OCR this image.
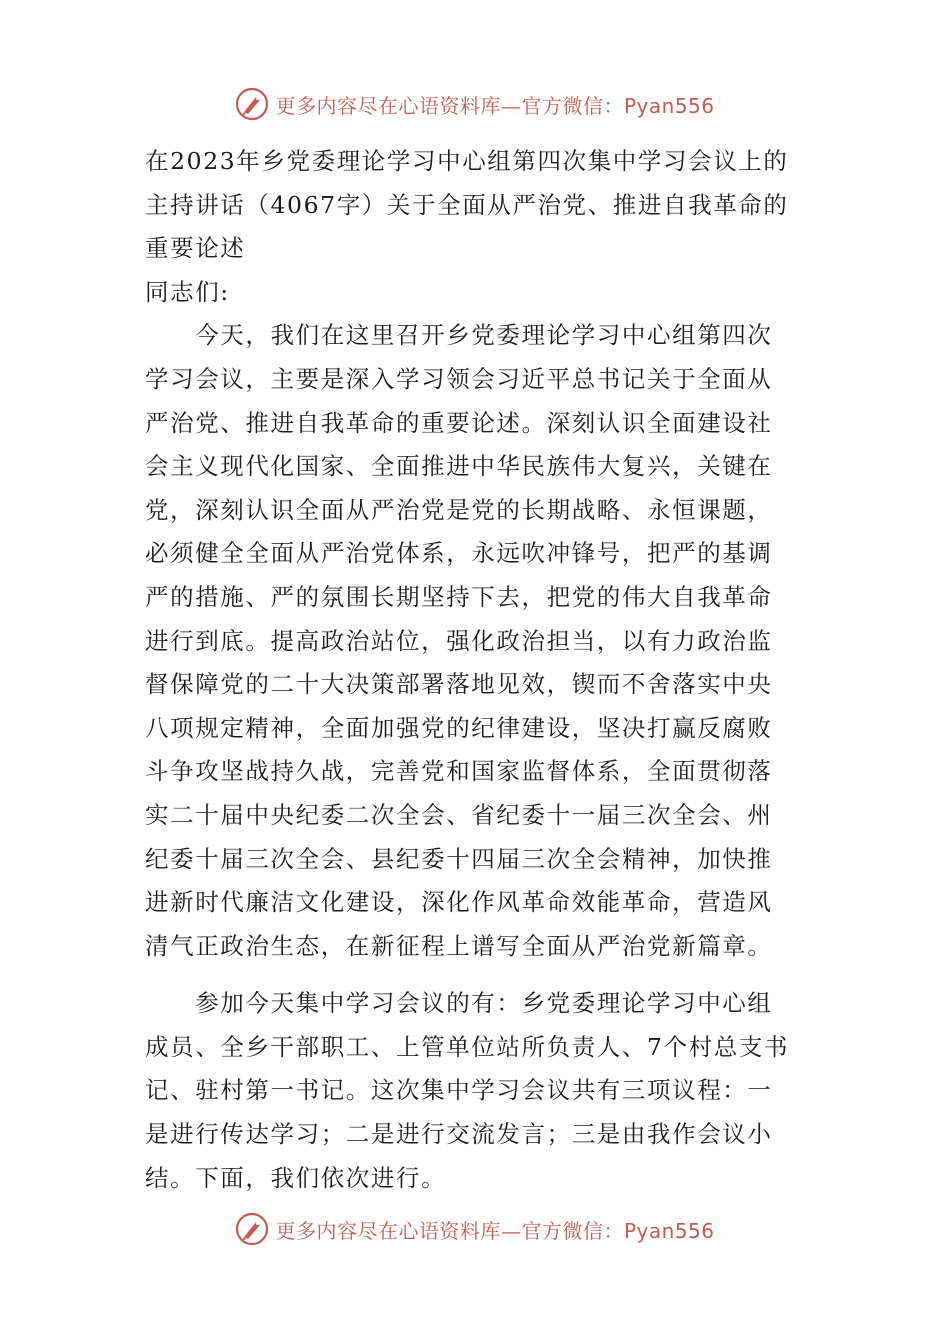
更多内容尽在心语资料库—官方微信：Pyan556
在2023年乡党委理论学习中心组第四次集中学习会议上的
主持讲话（4067字）关于全面从严治党、推进自我革命的
重要论述
同志们:
　　今天，我们在这里召开乡党委理论学习中心组第四次
学习会议，主要是深入学习领会习近平总书记关于全面从
严治党、推进自我革命的重要论述。深刻认识全面建设社
会主义现代化国家、全面推进中华民族伟大复兴，关键在
党，深刻认识全面从严治党是党的长期战略、永恒课题，
必须健全全面从严治党体系，永远吹冲锋号，把严的基调
严的措施、严的氛围长期坚持下去，把党的伟大自我革命
进行到底。提高政治站位，强化政治担当，以有力政治监
督保障党的二十大决策部署落地见效，锲而不舍落实中央
八项规定精神，全面加强党的纪律建设，坚决打赢反腐败
斗争攻坚战持久战，完善党和国家监督体系，全面贯彻落
实二十届中央纪委二次全会、省纪委十一届三次全会、州
纪委十届三次全会、县纪委十四届三次全会精神，加快推
进新时代廉洁文化建设，深化作风革命效能革命，营造风
清气正政治生态，在新征程上谱写全面从严治党新篇章。
　　参加今天集中学习会议的有：乡党委理论学习中心组
成员、全乡干部职工、上管单位站所负责人、7个村总支书
记、驻村第一书记。这次集中学习会议共有三项议程：一
是进行传达学习；二是进行交流发言；三是由我作会议小
结。下面，我们依次进行。
更多内容尽在心语资料库—官方微信：Pyan556
